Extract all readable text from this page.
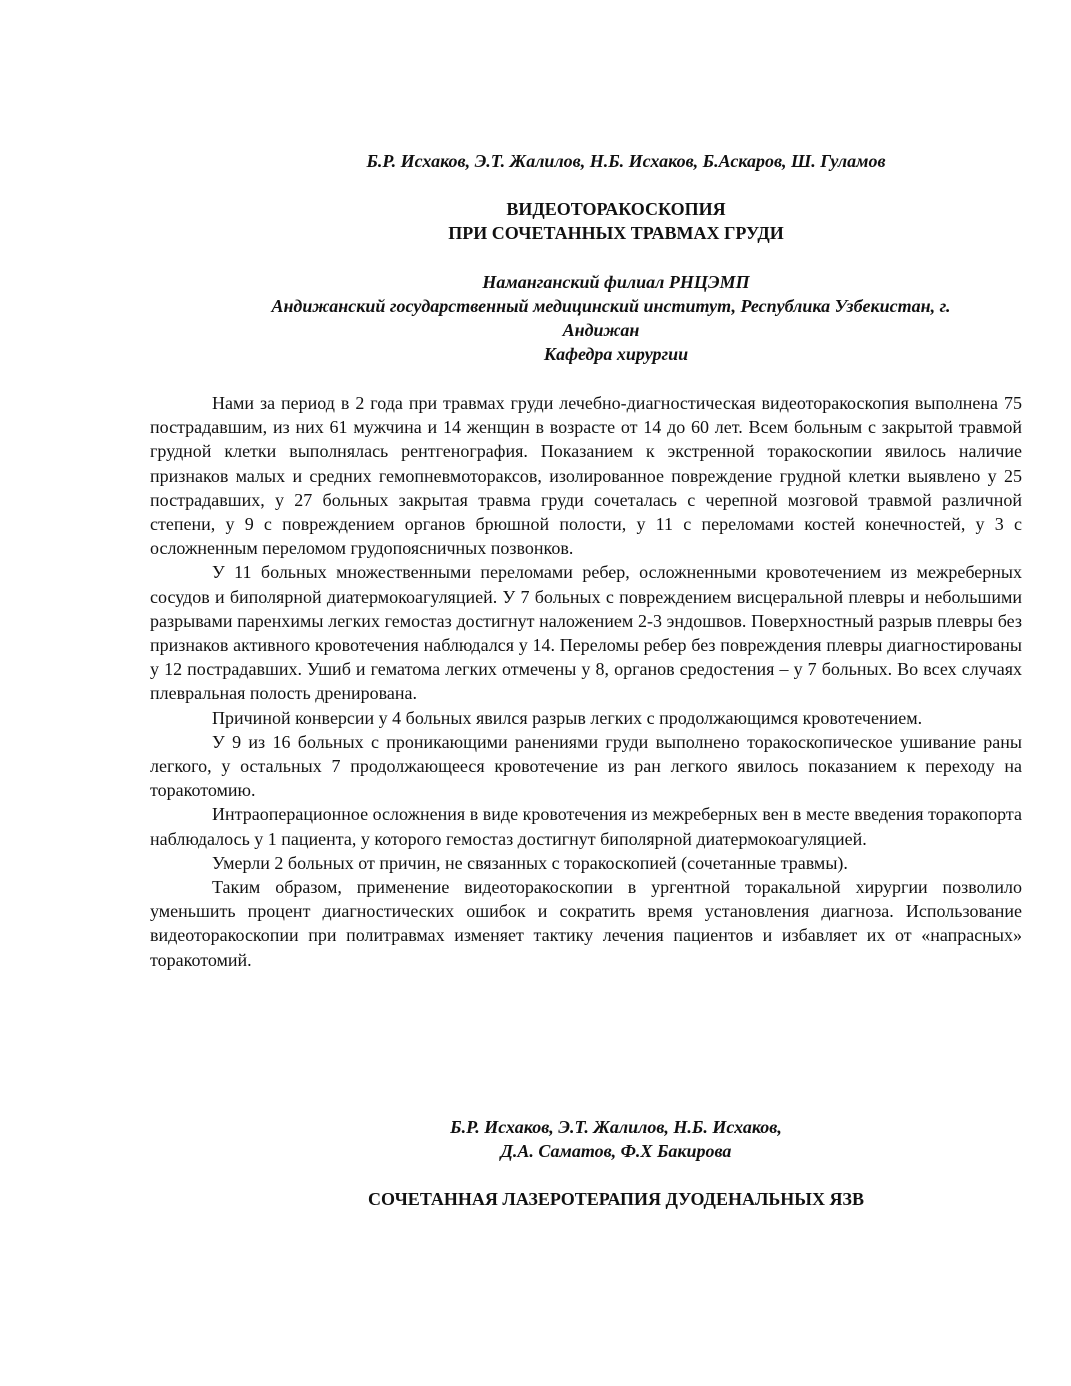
Б.Р. Исхаков, Э.Т. Жалилов, Н.Б. Исхаков, Б.Аскаров, Ш. Гуламов
ВИДЕОТОРАКОСКОПИЯ
ПРИ СОЧЕТАННЫХ ТРАВМАХ ГРУДИ
Наманганский филиал РНЦЭМП
Андижанский государственный медицинский институт, Республика Узбекистан, г.
Андижан
Кафедра хирургии

Нами за период в 2 года при травмах груди лечебно-диагностическая видеоторакоскопия выполнена 75 пострадавшим, из них 61 мужчина и 14 женщин в возрасте от 14 до 60 лет. Всем больным с закрытой травмой грудной клетки выполнялась рентгенография. Показанием к экстренной торакоскопии явилось наличие признаков малых и средних гемопневмотораксов, изолированное повреждение грудной клетки выявлено у 25 пострадавших, у 27 больных закрытая травма груди сочеталась с черепной мозговой травмой различной степени, у 9 с повреждением органов брюшной полости, у 11 с переломами костей конечностей, у 3 с осложненным переломом грудопоясничных позвонков.

У 11 больных множественными переломами ребер, осложненными кровотечением из межреберных сосудов и биполярной диатермокоагуляцией. У 7 больных с повреждением висцеральной плевры и небольшими разрывами паренхимы легких гемостаз достигнут наложением 2-3 эндошвов. Поверхностный разрыв плевры без признаков активного кровотечения наблюдался у 14. Переломы ребер без повреждения плевры диагностированы у 12 пострадавших. Ушиб и гематома легких отмечены у 8, органов средостения – у 7 больных. Во всех случаях плевральная полость дренирована.

Причиной конверсии у 4 больных явился разрыв легких с продолжающимся кровотечением.

У 9 из 16 больных с проникающими ранениями груди выполнено торакоскопическое ушивание раны легкого, у остальных 7 продолжающееся кровотечение из ран легкого явилось показанием к переходу на торакотомию.

Интраоперационное осложнения в виде кровотечения из межреберных вен в месте введения торакопорта наблюдалось у 1 пациента, у которого гемостаз достигнут биполярной диатермокоагуляцией.

Умерли 2 больных от причин, не связанных с торакоскопией (сочетанные травмы).

Таким образом, применение видеоторакоскопии в ургентной торакальной хирургии позволило уменьшить процент диагностических ошибок и сократить время установления диагноза. Использование видеоторакоскопии при политравмах изменяет тактику лечения пациентов и избавляет их от «напрасных» торакотомий.

Б.Р. Исхаков, Э.Т. Жалилов, Н.Б. Исхаков,
Д.А. Саматов, Ф.Х Бакирова
СОЧЕТАННАЯ ЛАЗЕРОТЕРАПИЯ ДУОДЕНАЛЬНЫХ ЯЗВ
